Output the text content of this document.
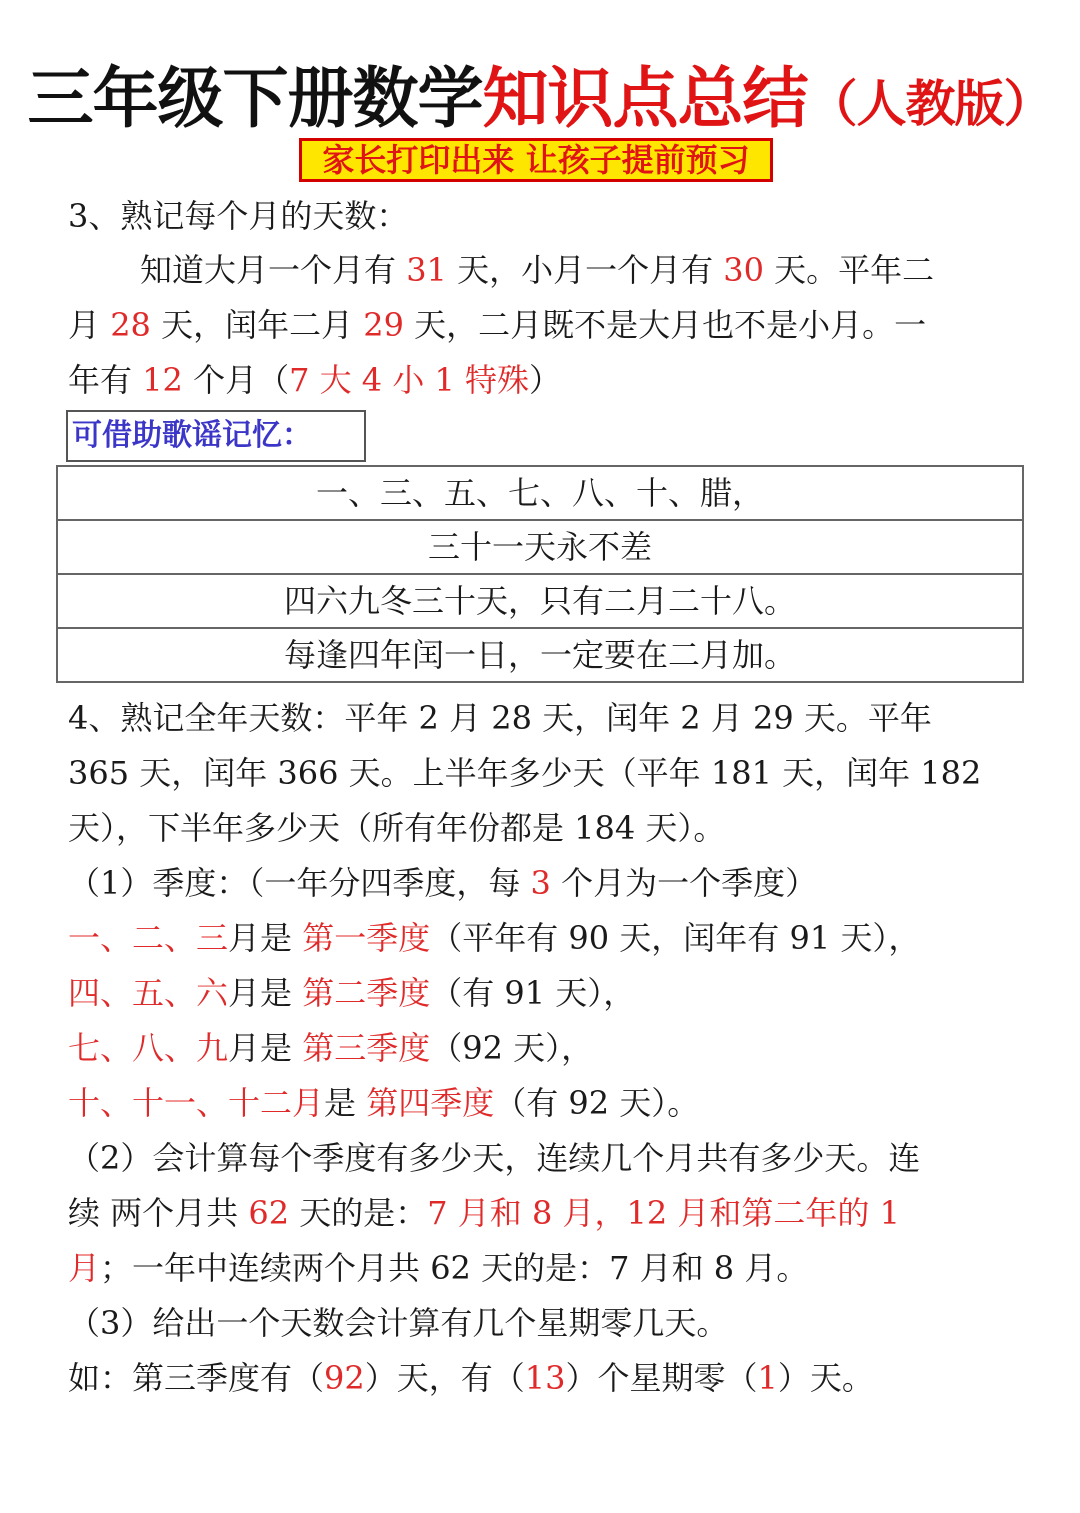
三年级下册数学知识点总结（人教版）
家长打印出来 让孩子提前预习
3、熟记每个月的天数：
知道大月一个月有 31 天，小月一个月有 30 天。平年二
月 28 天，闰年二月 29 天，二月既不是大月也不是小月。一
年有 12 个月（7 大 4 小 1 特殊）
可借助歌谣记忆：
一、三、五、七、八、十、腊，
三十一天永不差
四六九冬三十天，只有二月二十八。
每逢四年闰一日，一定要在二月加。
4、熟记全年天数：平年 2 月 28 天，闰年 2 月 29 天。平年
365 天，闰年 366 天。上半年多少天（平年 181 天，闰年 182
天），下半年多少天（所有年份都是 184 天）。
（1）季度：（一年分四季度，每 3 个月为一个季度）
一、二、三月是 第一季度（平年有 90 天，闰年有 91 天），
四、五、六月是 第二季度（有 91 天），
七、八、九月是 第三季度（92 天），
十、十一、十二月是 第四季度（有 92 天）。
（2）会计算每个季度有多少天，连续几个月共有多少天。连
续 两个月共 62 天的是：7 月和 8 月，12 月和第二年的 1
月；一年中连续两个月共 62 天的是：7 月和 8 月。
（3）给出一个天数会计算有几个星期零几天。
如：第三季度有（92）天，有（13）个星期零（1）天。
